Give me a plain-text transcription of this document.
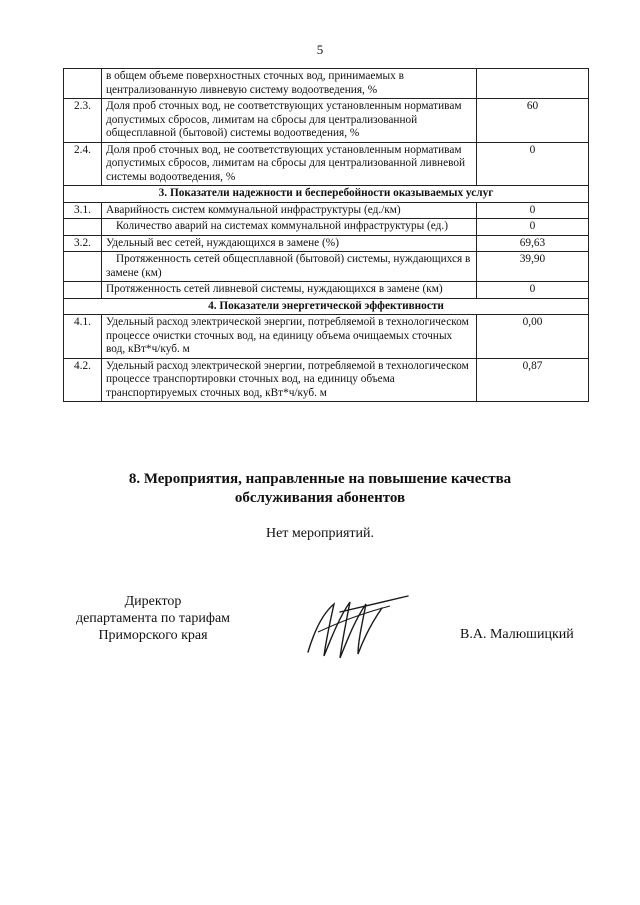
5
	в общем объеме поверхностных сточных вод, принимаемых в централизованную ливневую систему водоотведения, %	
2.3.	Доля проб сточных вод, не соответствующих установленным нормативам допустимых сбросов, лимитам на сбросы для централизованной общесплавной (бытовой) системы водоотведения, %	60
2.4.	Доля проб сточных вод, не соответствующих установленным нормативам допустимых сбросов, лимитам на сбросы для централизованной ливневой системы водоотведения, %	0
3. Показатели надежности и бесперебойности оказываемых услуг		
3.1.	Аварийность систем коммунальной инфраструктуры (ед./км)	0
	Количество аварий на системах коммунальной инфраструктуры (ед.)	0
3.2.	Удельный вес сетей, нуждающихся в замене (%)	69,63
	Протяженность сетей общесплавной (бытовой) системы, нуждающихся в замене (км)	39,90
	Протяженность сетей ливневой системы, нуждающихся в замене (км)	0
4. Показатели энергетической эффективности		
4.1.	Удельный расход электрической энергии, потребляемой в технологическом процессе очистки сточных вод, на единицу объема очищаемых сточных вод, кВт*ч/куб. м	0,00
4.2.	Удельный расход электрической энергии, потребляемой в технологическом процессе транспортировки сточных вод, на единицу объема транспортируемых сточных вод, кВт*ч/куб. м	0,87
8. Мероприятия, направленные на повышение качества
обслуживания абонентов
Нет мероприятий.
Директор
департамента по тарифам
Приморского края	В.А. Малюшицкий
